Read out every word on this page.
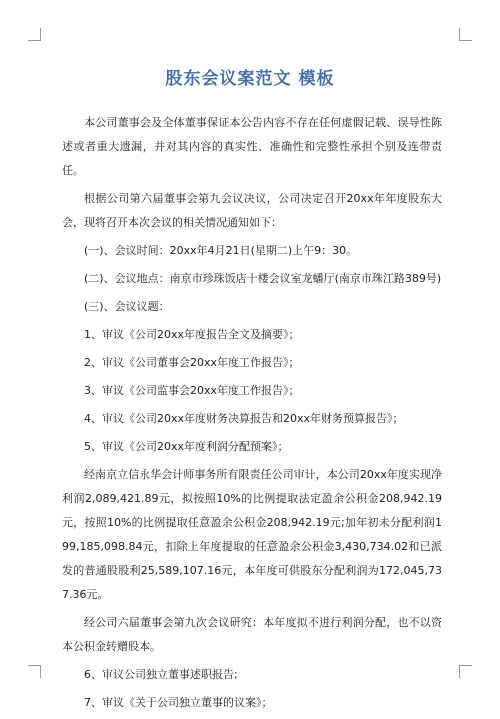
股东会议案范文 模板

本公司董事会及全体董事保证本公告内容不存在任何虚假记载、误导性陈述或者重大遗漏，并对其内容的真实性、准确性和完整性承担个别及连带责任。

根据公司第六届董事会第九会议决议，公司决定召开20xx年年度股东大会，现将召开本次会议的相关情况通知如下：

(一)、会议时间：20xx年4月21日(星期二)上午9：30。

(二)、会议地点：南京市珍珠饭店十楼会议室龙蟠厅(南京市珠江路389号)

(三)、会议议题：

1、审议《公司20xx年度报告全文及摘要》；

2、审议《公司董事会20xx年度工作报告》；

3、审议《公司监事会20xx年度工作报告》；

4、审议《公司20xx年度财务决算报告和20xx年财务预算报告》；

5、审议《公司20xx年度利润分配预案》；

经南京立信永华会计师事务所有限责任公司审计，本公司20xx年度实现净利润2,089,421.89元，拟按照10%的比例提取法定盈余公积金208,942.19元，按照10%的比例提取任意盈余公积金208,942.19元;加年初未分配利润199,185,098.84元，扣除上年度提取的任意盈余公积金3,430,734.02和已派发的普通股股利25,589,107.16元，本年度可供股东分配利润为172,045,737.36元。

经公司六届董事会第九次会议研究：本年度拟不进行利润分配，也不以资本公积金转赠股本。

6、审议公司独立董事述职报告;

7、审议《关于公司独立董事的议案》；
